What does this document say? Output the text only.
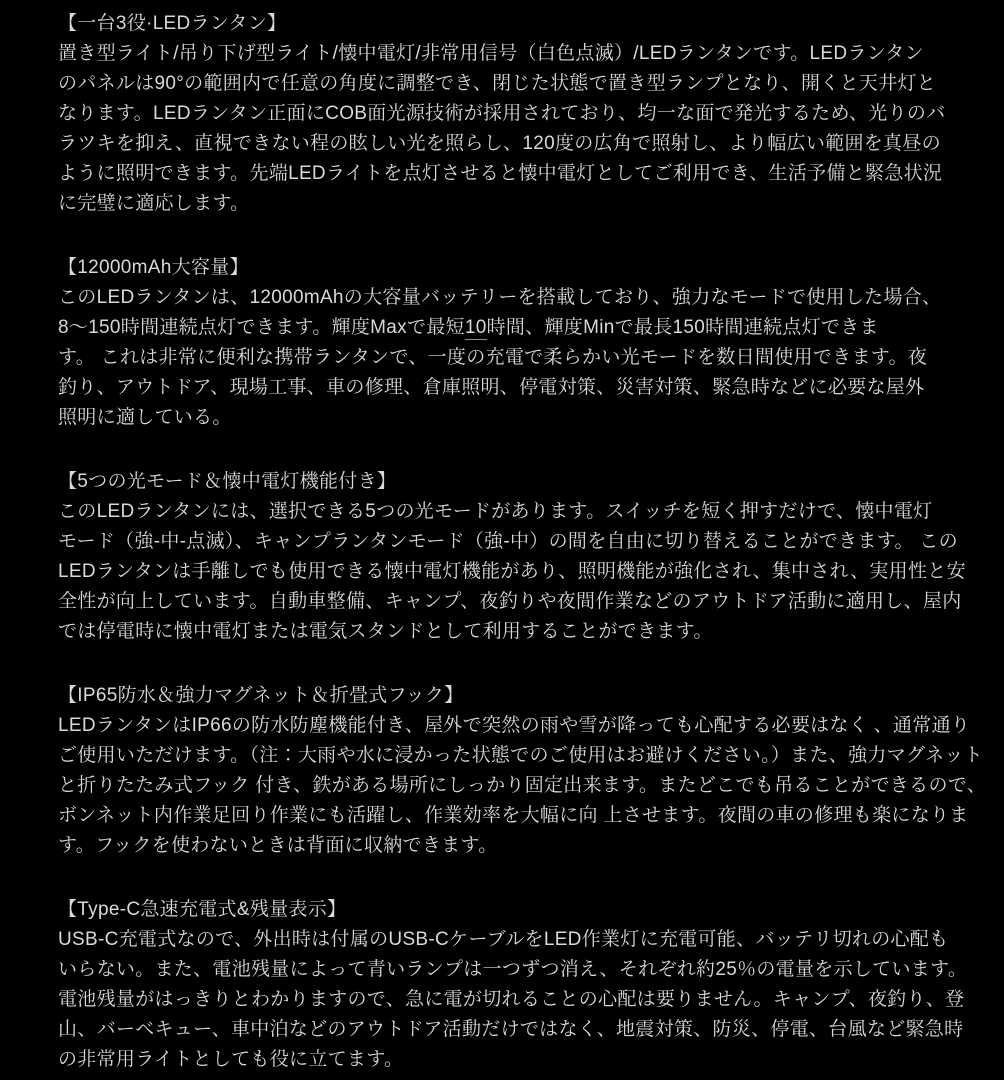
【一台3役·LEDランタン】

置き型ライト/吊り下げ型ライト/懐中電灯/非常用信号（白色点滅）/LEDランタンです。LEDランタン

のパネルは90°の範囲内で任意の角度に調整でき、閉じた状態で置き型ランプとなり、開くと天井灯と

なります。LEDランタン正面にCOB面光源技術が採用されており、均一な面で発光するため、光りのバ

ラツキを抑え、直視できない程の眩しい光を照らし、120度の広角で照射し、より幅広い範囲を真昼の

ように照明できます。先端LEDライトを点灯させると懐中電灯としてご利用でき、生活予備と緊急状況

に完璧に適応します。

【12000mAh大容量】

このLEDランタンは、12000mAhの大容量バッテリーを搭載しており、強力なモードで使用した場合、

8～150時間連続点灯できます。輝度Maxで最短10時間、輝度Minで最長150時間連続点灯できま

す。 これは非常に便利な携帯ランタンで、一度の充電で柔らかい光モードを数日間使用できます。夜

釣り、アウトドア、現場工事、車の修理、倉庫照明、停電対策、災害対策、緊急時などに必要な屋外

照明に適している。

【5つの光モード＆懐中電灯機能付き】

このLEDランタンには、選択できる5つの光モードがあります。スイッチを短く押すだけで、懐中電灯

モード（強-中-点滅）、キャンプランタンモード（強-中）の間を自由に切り替えることができます。 この

LEDランタンは手離しでも使用できる懐中電灯機能があり、照明機能が強化され、集中され、実用性と安

全性が向上しています。自動車整備、キャンプ、夜釣りや夜間作業などのアウトドア活動に適用し、屋内

では停電時に懐中電灯または電気スタンドとして利用することができます。

【IP65防水＆強力マグネット＆折畳式フック】

LEDランタンはIP66の防水防塵機能付き、屋外で突然の雨や雪が降っても心配する必要はなく 、通常通り

ご使用いただけます。（注：大雨や水に浸かった状態でのご使用はお避けください。）また、強力マグネット

と折りたたみ式フック 付き、鉄がある場所にしっかり固定出来ます。またどこでも吊ることができるので、

ボンネット内作業足回り作業にも活躍し、作業効率を大幅に向 上させます。夜間の車の修理も楽になりま

す。フックを使わないときは背面に収納できます。

【Type-C急速充電式&残量表示】

USB-C充電式なので、外出時は付属のUSB-CケーブルをLED作業灯に充電可能、バッテリ切れの心配も

いらない。また、電池残量によって青いランプは一つずつ消え、それぞれ約25％の電量を示しています。

電池残量がはっきりとわかりますので、急に電が切れることの心配は要りません。キャンプ、夜釣り、登

山、バーベキュー、車中泊などのアウトドア活動だけではなく、地震対策、防災、停電、台風など緊急時

の非常用ライトとしても役に立てます。
